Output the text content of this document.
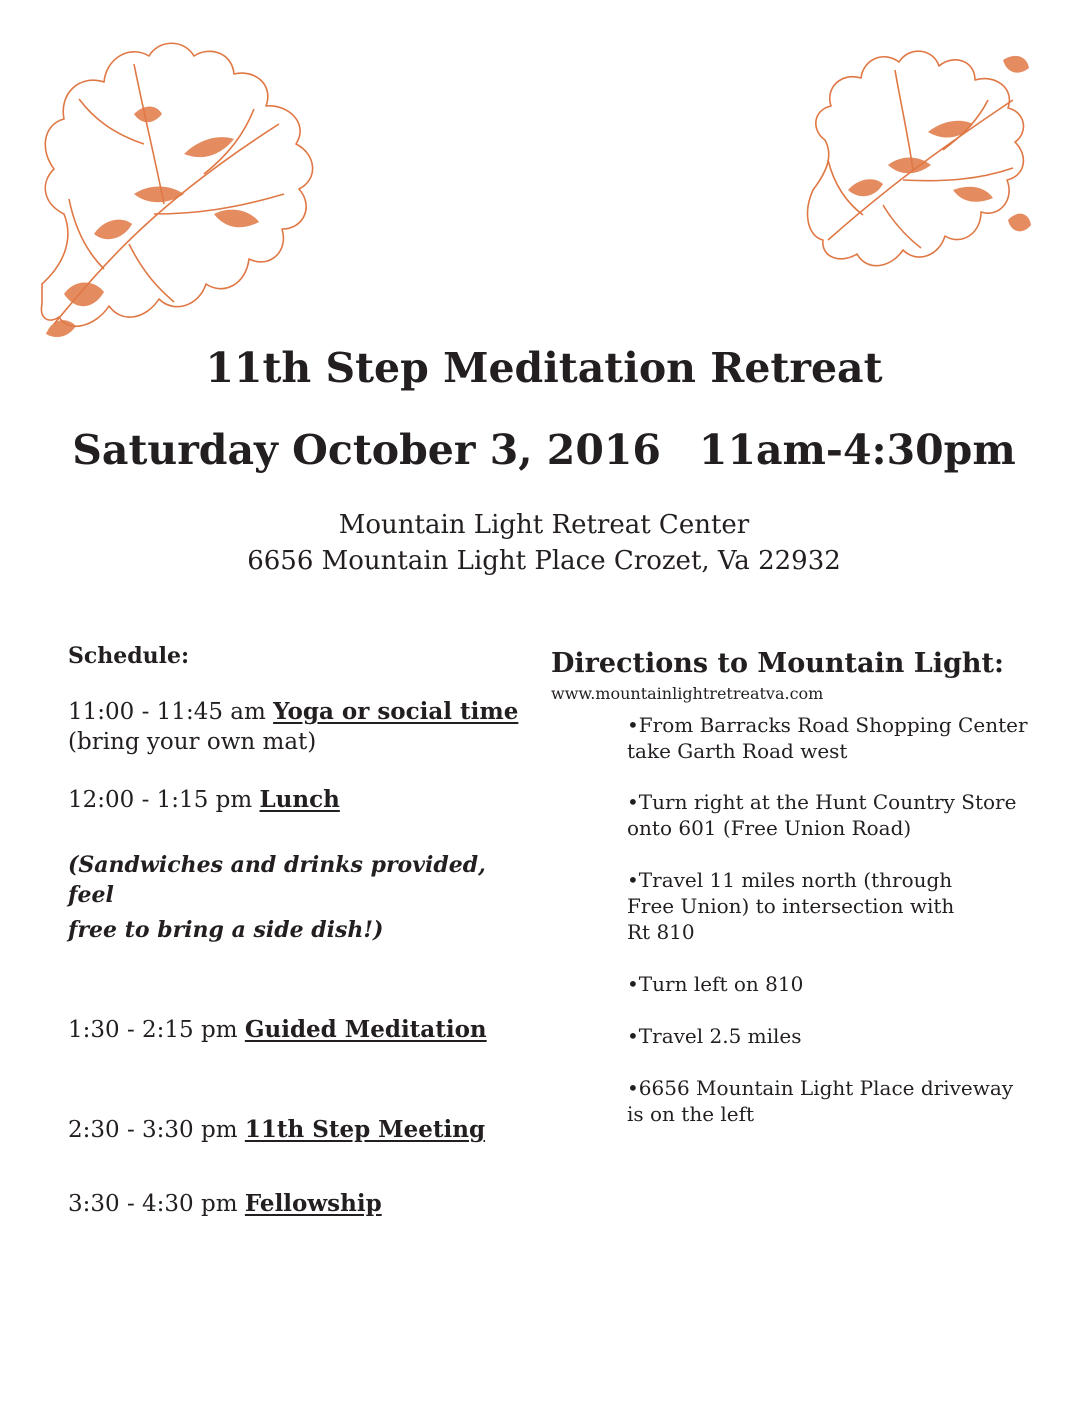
11th Step Meditation Retreat
Saturday October 3, 2016 11am-4:30pm
Mountain Light Retreat Center
6656 Mountain Light Place Crozet, Va 22932
Schedule:
11:00 - 11:45 am Yoga or social time
(bring your own mat)
12:00 - 1:15 pm Lunch
(Sandwiches and drinks provided, feel
free to bring a side dish!)
1:30 - 2:15 pm Guided Meditation
2:30 - 3:30 pm 11th Step Meeting
3:30 - 4:30 pm Fellowship
Directions to Mountain Light:
www.mountainlightretreatva.com
•From Barracks Road Shopping Center
take Garth Road west
•Turn right at the Hunt Country Store
onto 601 (Free Union Road)
•Travel 11 miles north (through
Free Union) to intersection with
Rt 810
•Turn left on 810
•Travel 2.5 miles
•6656 Mountain Light Place driveway
is on the left
